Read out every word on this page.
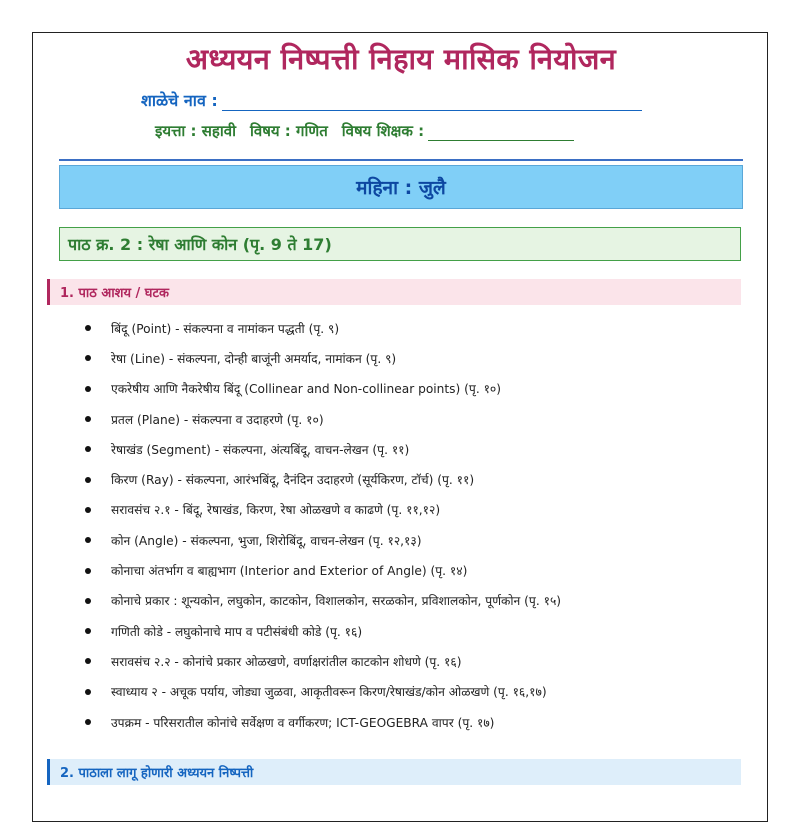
अध्ययन निष्पत्ती निहाय मासिक नियोजन
शाळेचे नाव :
इयत्ता : सहावी विषय : गणित विषय शिक्षक :
महिना : जुलै
पाठ क्र. 2 : रेषा आणि कोन (पृ. 9 ते 17)
1. पाठ आशय / घटक
बिंदू (Point) - संकल्पना व नामांकन पद्धती (पृ. ९)
रेषा (Line) - संकल्पना, दोन्ही बाजूंनी अमर्याद, नामांकन (पृ. ९)
एकरेषीय आणि नैकरेषीय बिंदू (Collinear and Non-collinear points) (पृ. १०)
प्रतल (Plane) - संकल्पना व उदाहरणे (पृ. १०)
रेषाखंड (Segment) - संकल्पना, अंत्यबिंदू, वाचन-लेखन (पृ. ११)
किरण (Ray) - संकल्पना, आरंभबिंदू, दैनंदिन उदाहरणे (सूर्यकिरण, टॉर्च) (पृ. ११)
सरावसंच २.१ - बिंदू, रेषाखंड, किरण, रेषा ओळखणे व काढणे (पृ. ११,१२)
कोन (Angle) - संकल्पना, भुजा, शिरोबिंदू, वाचन-लेखन (पृ. १२,१३)
कोनाचा अंतर्भाग व बाह्यभाग (Interior and Exterior of Angle) (पृ. १४)
कोनाचे प्रकार : शून्यकोन, लघुकोन, काटकोन, विशालकोन, सरळकोन, प्रविशालकोन, पूर्णकोन (पृ. १५)
गणिती कोडे - लघुकोनाचे माप व पटीसंबंधी कोडे (पृ. १६)
सरावसंच २.२ - कोनांचे प्रकार ओळखणे, वर्णाक्षरांतील काटकोन शोधणे (पृ. १६)
स्वाध्याय २ - अचूक पर्याय, जोड्या जुळवा, आकृतीवरून किरण/रेषाखंड/कोन ओळखणे (पृ. १६,१७)
उपक्रम - परिसरातील कोनांचे सर्वेक्षण व वर्गीकरण; ICT-GEOGEBRA वापर (पृ. १७)
2. पाठाला लागू होणारी अध्ययन निष्पत्ती
